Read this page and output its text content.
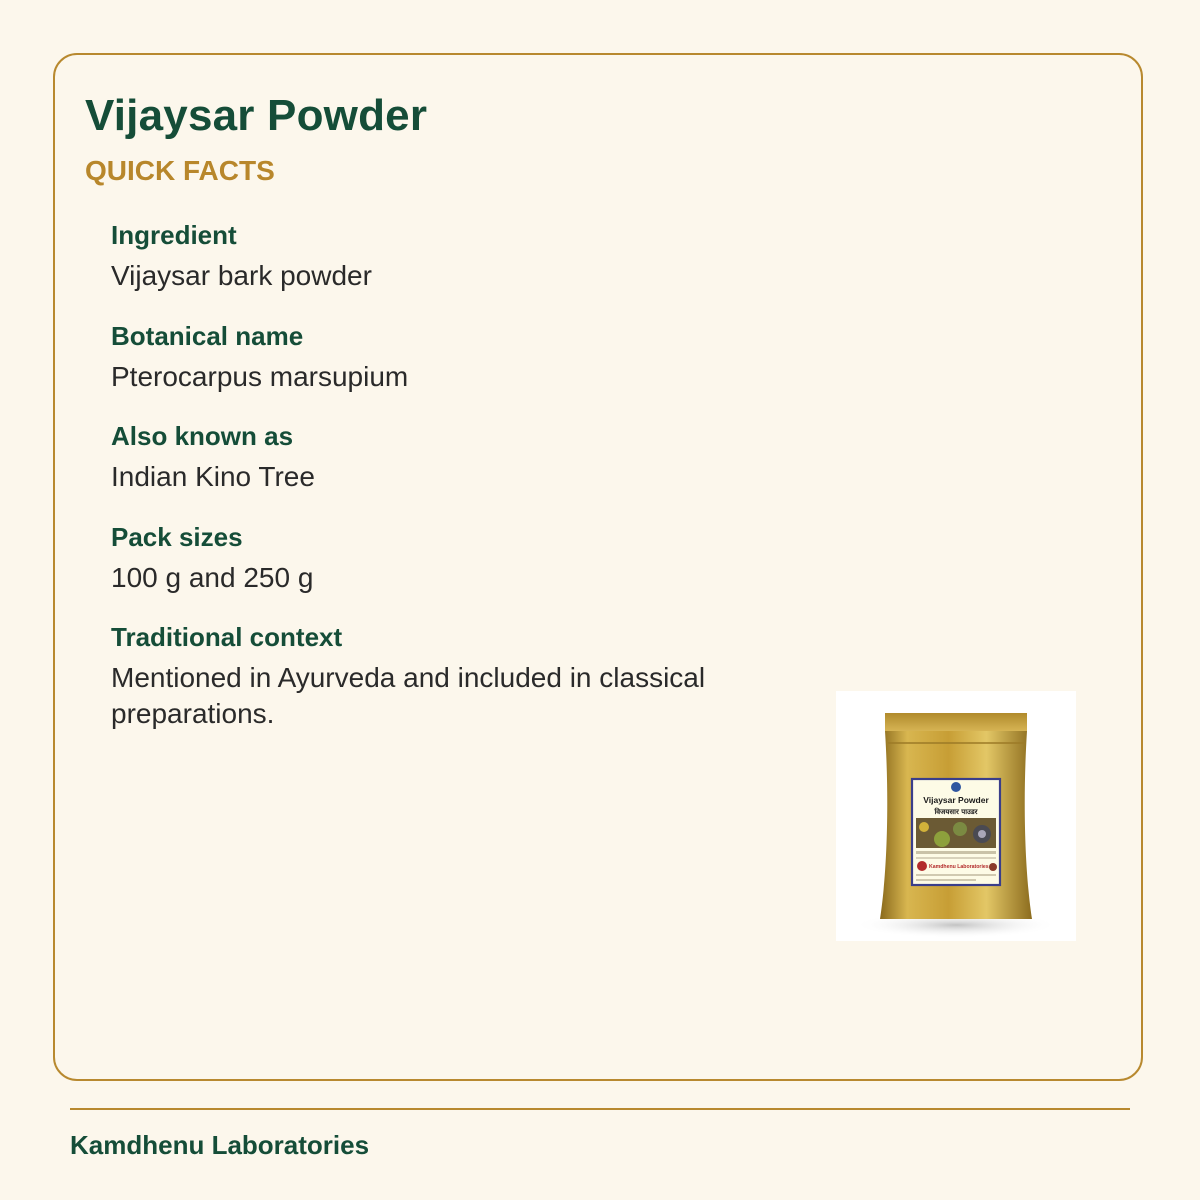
Vijaysar Powder
QUICK FACTS
Ingredient
Vijaysar bark powder
Botanical name
Pterocarpus marsupium
Also known as
Indian Kino Tree
Pack sizes
100 g and 250 g
Traditional context
Mentioned in Ayurveda and included in classical preparations.
Vijaysar Powder
विजयसार पाउडर
Kamdhenu Laboratories

Kamdhenu Laboratories
